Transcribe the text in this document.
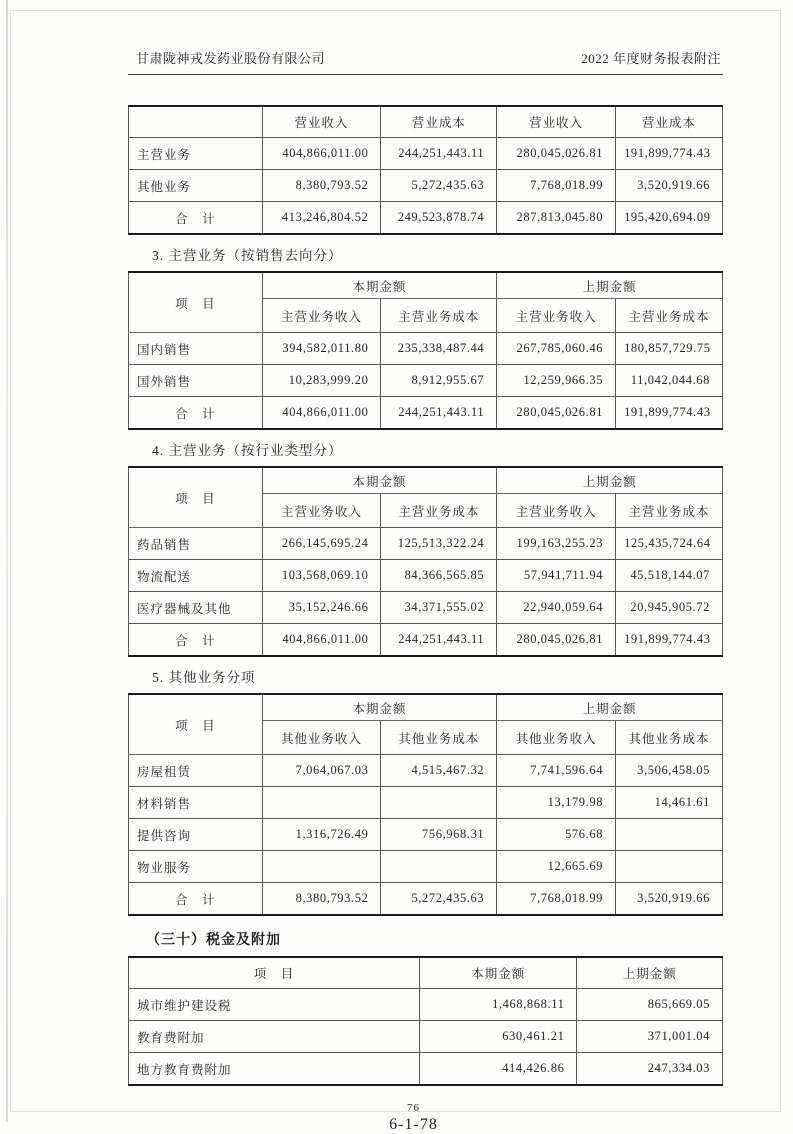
甘肃陇神戎发药业股份有限公司	2022 年度财务报表附注
	营业收入	营业成本	营业收入	营业成本
主营业务	404,866,011.00	244,251,443.11	280,045,026.81	191,899,774.43
其他业务	8,380,793.52	5,272,435.63	7,768,018.99	3,520,919.66
合　计	413,246,804.52	249,523,878.74	287,813,045.80	195,420,694.09
3. 主营业务（按销售去向分）
项　目	本期金额		上期金额	
	主营业务收入	主营业务成本	主营业务收入	主营业务成本
国内销售	394,582,011.80	235,338,487.44	267,785,060.46	180,857,729.75
国外销售	10,283,999.20	8,912,955.67	12,259,966.35	11,042,044.68
合　计	404,866,011.00	244,251,443.11	280,045,026.81	191,899,774.43
4. 主营业务（按行业类型分）
项　目	本期金额		上期金额	
	主营业务收入	主营业务成本	主营业务收入	主营业务成本
药品销售	266,145,695.24	125,513,322.24	199,163,255.23	125,435,724.64
物流配送	103,568,069.10	84,366,565.85	57,941,711.94	45,518,144.07
医疗器械及其他	35,152,246.66	34,371,555.02	22,940,059.64	20,945,905.72
合　计	404,866,011.00	244,251,443.11	280,045,026.81	191,899,774.43
5. 其他业务分项
项　目	本期金额		上期金额	
	其他业务收入	其他业务成本	其他业务收入	其他业务成本
房屋租赁	7,064,067.03	4,515,467.32	7,741,596.64	3,506,458.05
材料销售			13,179.98	14,461.61
提供咨询	1,316,726.49	756,968.31	576.68	
物业服务			12,665.69	
合　计	8,380,793.52	5,272,435.63	7,768,018.99	3,520,919.66
（三十）税金及附加
项　目	本期金额	上期金额
城市维护建设税	1,468,868.11	865,669.05
教育费附加	630,461.21	371,001.04
地方教育费附加	414,426.86	247,334.03
76
6-1-78
